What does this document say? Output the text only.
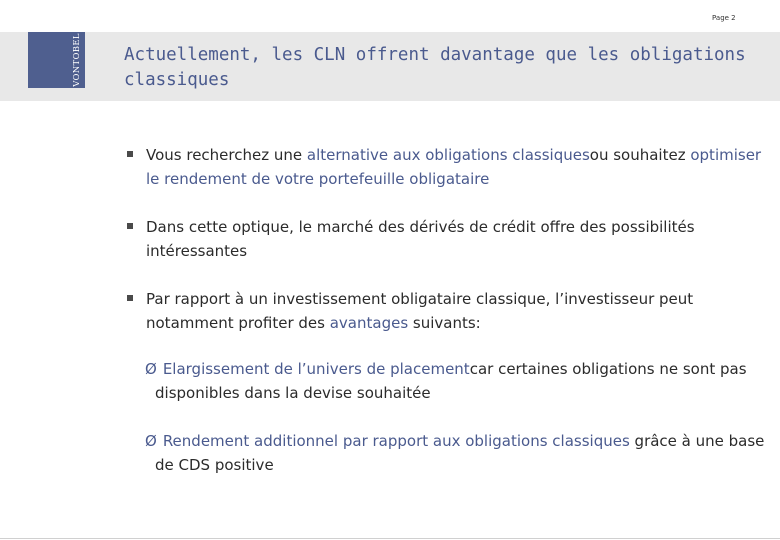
Page 2
VONTOBEL Actuellement, les CLN offrent davantage que les obligations classiques
Vous recherchez une alternative aux obligations classiquesou souhaitez optimiser le rendement de votre portefeuille obligataire
Dans cette optique, le marché des dérivés de crédit offre des possibilités intéressantes
Par rapport à un investissement obligataire classique, l’investisseur peut notamment profiter des avantages suivants:
Ø Elargissement de l’univers de placementcar certaines obligations ne sont pas disponibles dans la devise souhaitée
Ø Rendement additionnel par rapport aux obligations classiques grâce à une base de CDS positive
